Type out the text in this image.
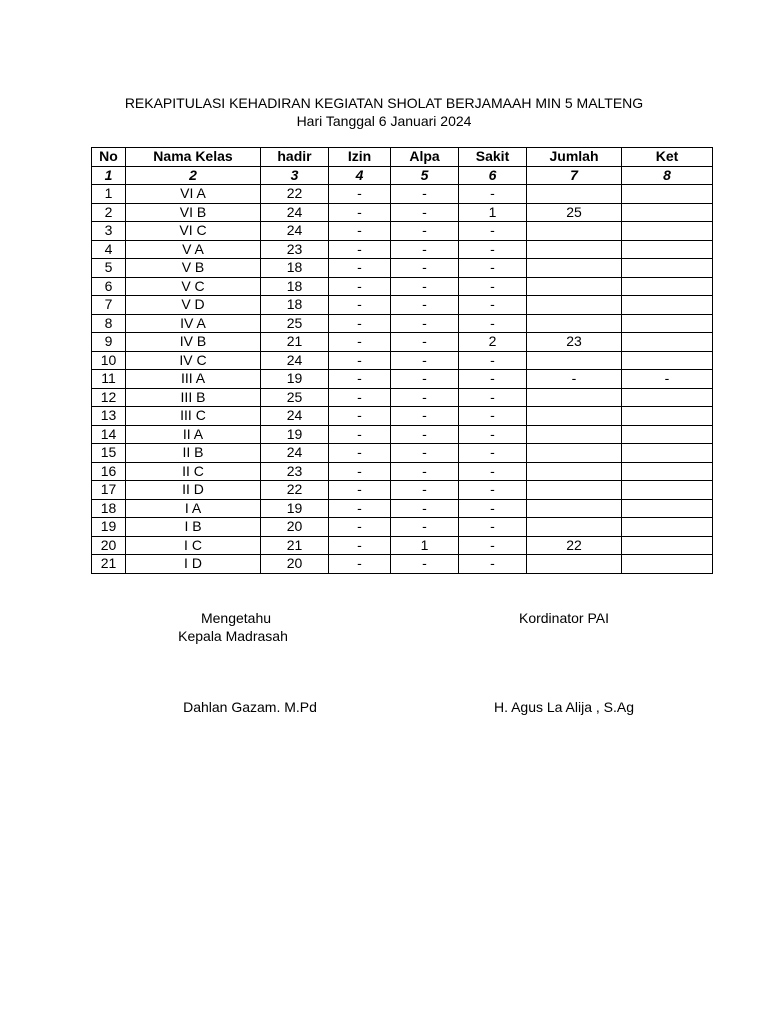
REKAPITULASI KEHADIRAN KEGIATAN SHOLAT BERJAMAAH MIN 5 MALTENG
Hari Tanggal 6 Januari 2024
No	Nama Kelas	hadir	Izin	Alpa	Sakit	Jumlah	Ket
1	2	3	4	5	6	7	8
1	VI A	22	-	-	-		
2	VI B	24	-	-	1	25	
3	VI C	24	-	-	-		
4	V A	23	-	-	-		
5	V B	18	-	-	-		
6	V C	18	-	-	-		
7	V D	18	-	-	-		
8	IV A	25	-	-	-		
9	IV B	21	-	-	2	23	
10	IV C	24	-	-	-		
11	III A	19	-	-	-	-	-
12	III B	25	-	-	-		
13	III C	24	-	-	-		
14	II A	19	-	-	-		
15	II B	24	-	-	-		
16	II C	23	-	-	-		
17	II D	22	-	-	-		
18	I A	19	-	-	-		
19	I B	20	-	-	-		
20	I C	21	-	1	-	22	
21	I D	20	-	-	-		
Mengetahu
Kepala Madrasah
Dahlan Gazam. M.Pd
Kordinator PAI
H. Agus La Alija , S.Ag
